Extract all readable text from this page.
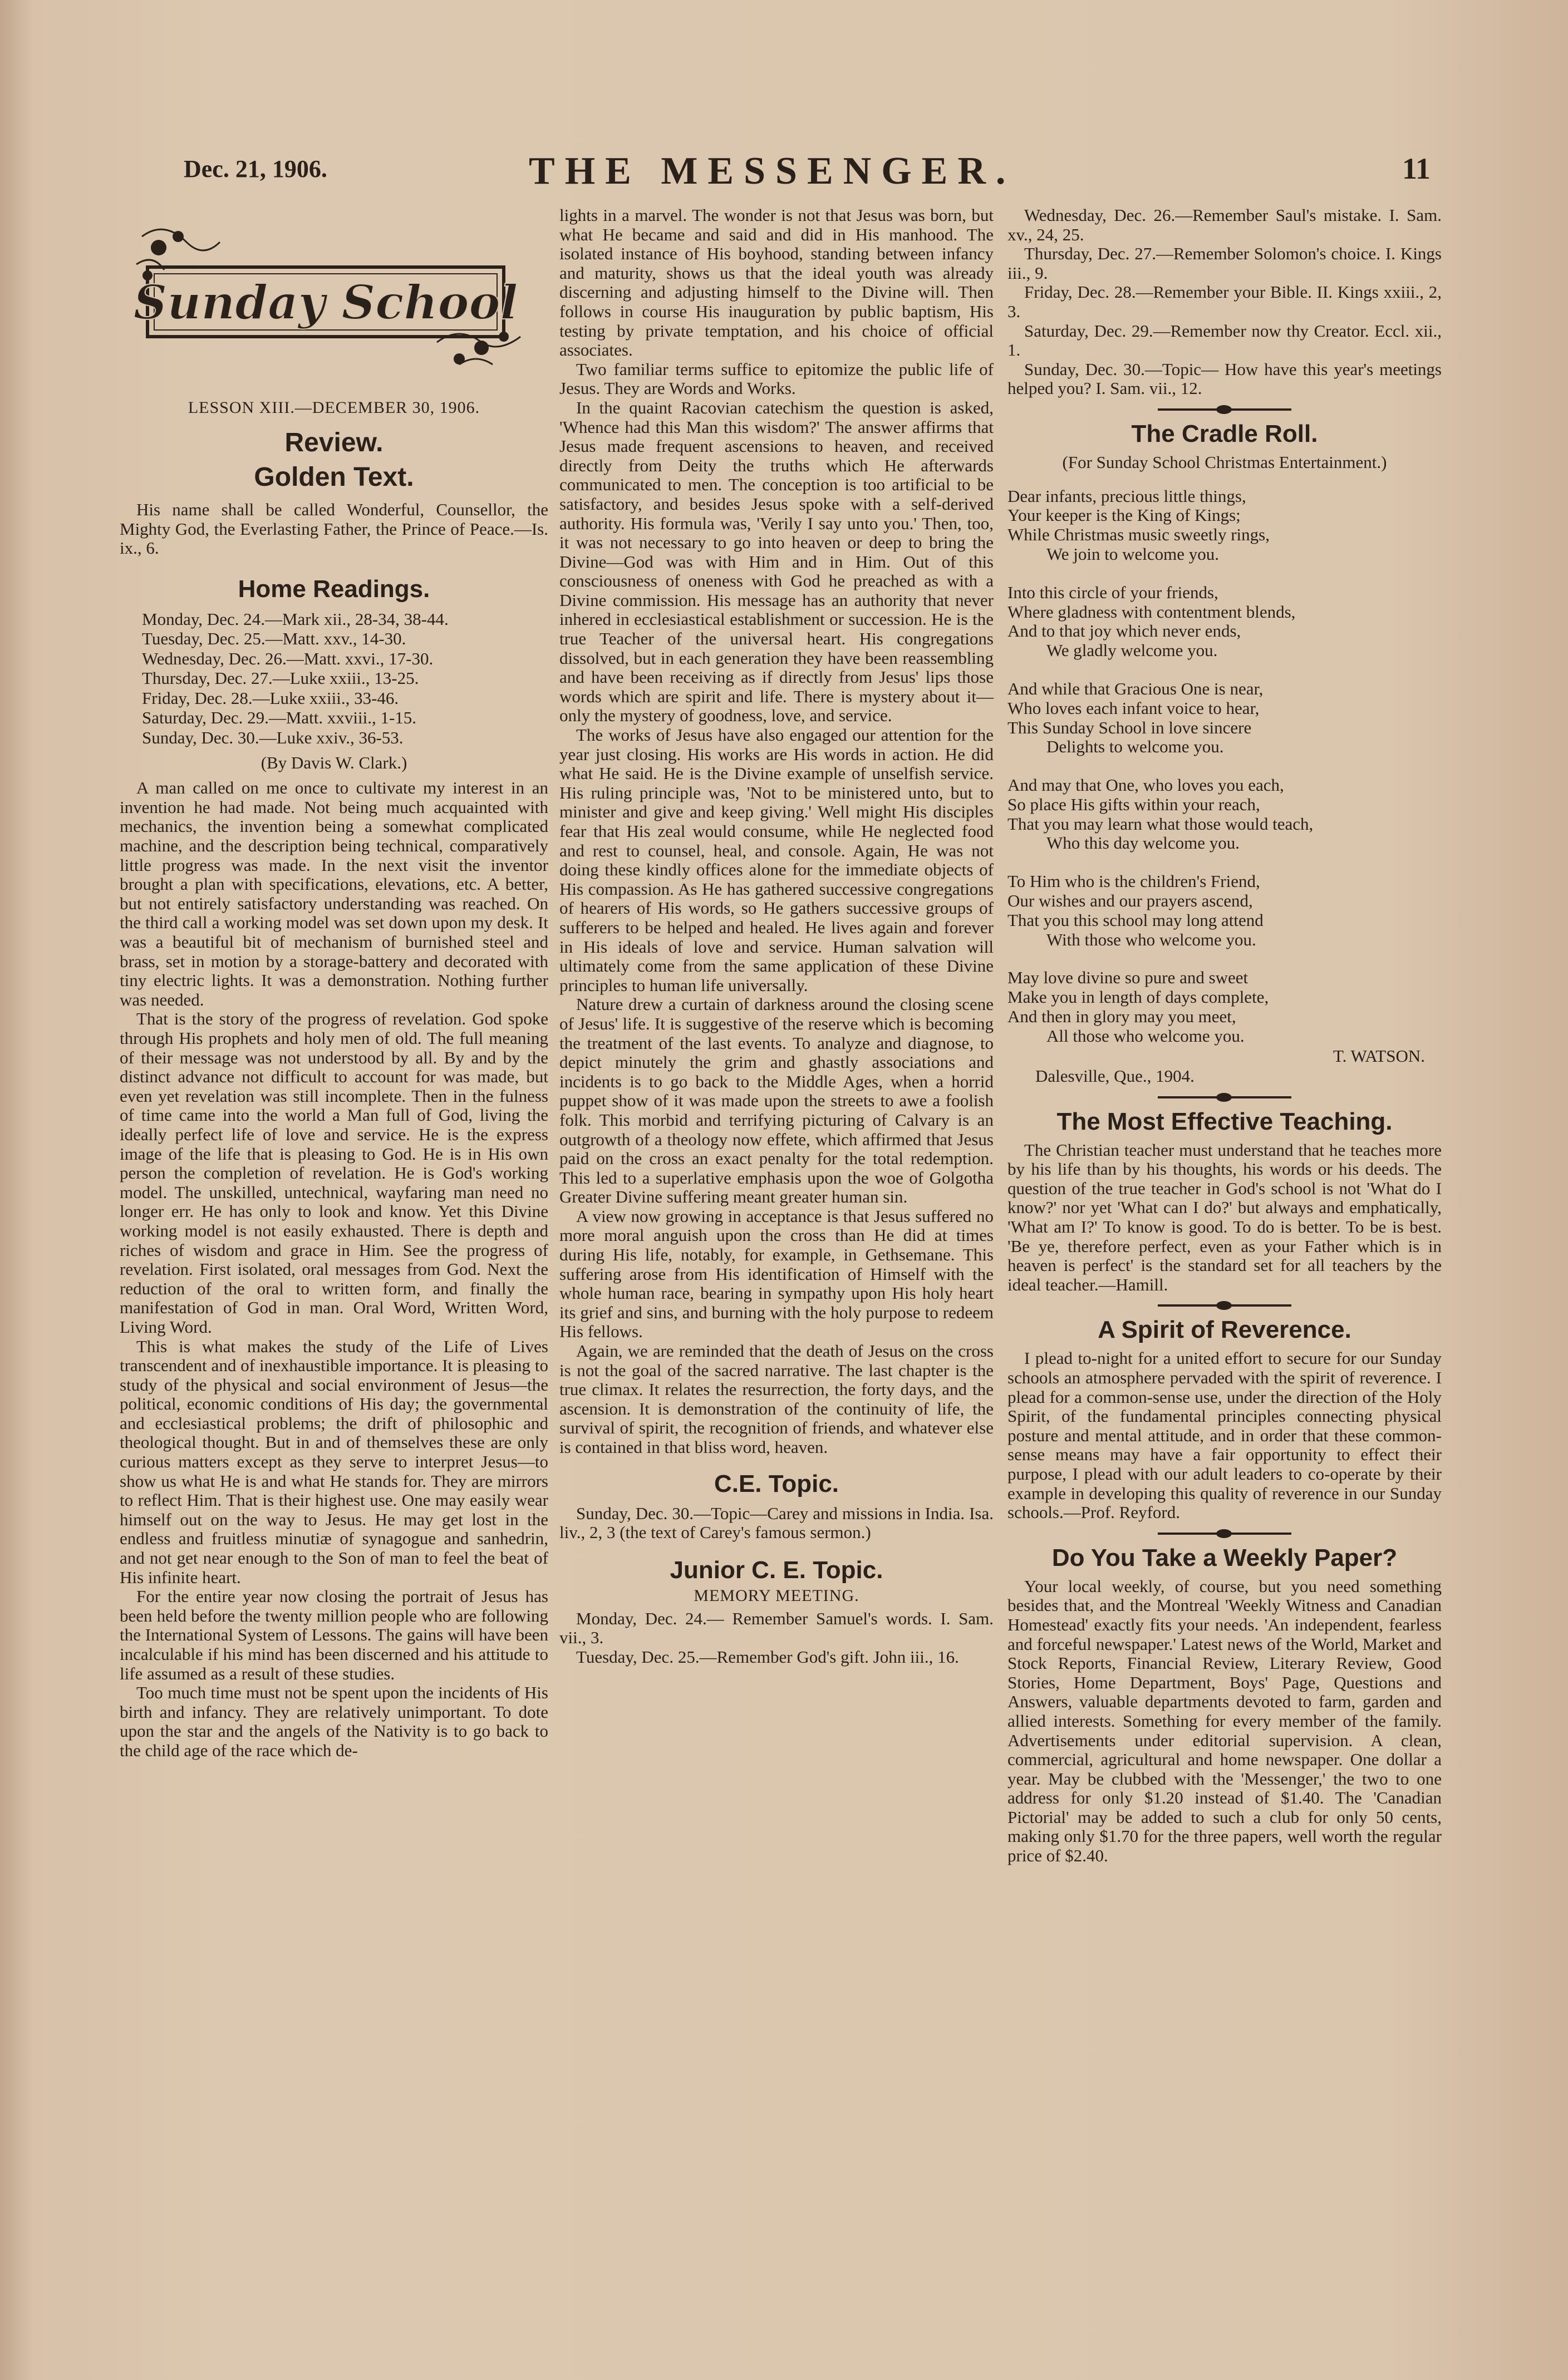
Dec. 21, 1906.	THE MESSENGER.	11
Sunday School
LESSON XIII.—DECEMBER 30, 1906.
Review.
Golden Text.

His name shall be called Wonderful, Counsellor, the Mighty God, the Everlasting Father, the Prince of Peace.—Is. ix., 6.

Home Readings.
Monday, Dec. 24.—Mark xii., 28-34, 38-44.
Tuesday, Dec. 25.—Matt. xxv., 14-30.
Wednesday, Dec. 26.—Matt. xxvi., 17-30.
Thursday, Dec. 27.—Luke xxiii., 13-25.
Friday, Dec. 28.—Luke xxiii., 33-46.
Saturday, Dec. 29.—Matt. xxviii., 1-15.
Sunday, Dec. 30.—Luke xxiv., 36-53.
(By Davis W. Clark.)

A man called on me once to cultivate my interest in an invention he had made. Not being much acquainted with mechanics, the invention being a somewhat complicated machine, and the description being technical, comparatively little progress was made. In the next visit the inventor brought a plan with specifications, elevations, etc. A better, but not entirely satisfactory understanding was reached. On the third call a working model was set down upon my desk. It was a beautiful bit of mechanism of burnished steel and brass, set in motion by a storage-battery and decorated with tiny electric lights. It was a demonstration. Nothing further was needed.

That is the story of the progress of revelation. God spoke through His prophets and holy men of old. The full meaning of their message was not understood by all. By and by the distinct advance not difficult to account for was made, but even yet revelation was still incomplete. Then in the fulness of time came into the world a Man full of God, living the ideally perfect life of love and service. He is the express image of the life that is pleasing to God. He is in His own person the completion of revelation. He is God's working model. The unskilled, untechnical, wayfaring man need no longer err. He has only to look and know. Yet this Divine working model is not easily exhausted. There is depth and riches of wisdom and grace in Him. See the progress of revelation. First isolated, oral messages from God. Next the reduction of the oral to written form, and finally the manifestation of God in man. Oral Word, Written Word, Living Word.

This is what makes the study of the Life of Lives transcendent and of inexhaustible importance. It is pleasing to study of the physical and social environment of Jesus—the political, economic conditions of His day; the governmental and ecclesiastical problems; the drift of philosophic and theological thought. But in and of themselves these are only curious matters except as they serve to interpret Jesus—to show us what He is and what He stands for. They are mirrors to reflect Him. That is their highest use. One may easily wear himself out on the way to Jesus. He may get lost in the endless and fruitless minutiæ of synagogue and sanhedrin, and not get near enough to the Son of man to feel the beat of His infinite heart.

For the entire year now closing the portrait of Jesus has been held before the twenty million people who are following the International System of Lessons. The gains will have been incalculable if his mind has been discerned and his attitude to life assumed as a result of these studies.

Too much time must not be spent upon the incidents of His birth and infancy. They are relatively unimportant. To dote upon the star and the angels of the Nativity is to go back to the child age of the race which de-

lights in a marvel. The wonder is not that Jesus was born, but what He became and said and did in His manhood. The isolated instance of His boyhood, standing between infancy and maturity, shows us that the ideal youth was already discerning and adjusting himself to the Divine will. Then follows in course His inauguration by public baptism, His testing by private temptation, and his choice of official associates.

Two familiar terms suffice to epitomize the public life of Jesus. They are Words and Works.

In the quaint Racovian catechism the question is asked, 'Whence had this Man this wisdom?' The answer affirms that Jesus made frequent ascensions to heaven, and received directly from Deity the truths which He afterwards communicated to men. The conception is too artificial to be satisfactory, and besides Jesus spoke with a self-derived authority. His formula was, 'Verily I say unto you.' Then, too, it was not necessary to go into heaven or deep to bring the Divine—God was with Him and in Him. Out of this consciousness of oneness with God he preached as with a Divine commission. His message has an authority that never inhered in ecclesiastical establishment or succession. He is the true Teacher of the universal heart. His congregations dissolved, but in each generation they have been reassembling and have been receiving as if directly from Jesus' lips those words which are spirit and life. There is mystery about it—only the mystery of goodness, love, and service.

The works of Jesus have also engaged our attention for the year just closing. His works are His words in action. He did what He said. He is the Divine example of unselfish service. His ruling principle was, 'Not to be ministered unto, but to minister and give and keep giving.' Well might His disciples fear that His zeal would consume, while He neglected food and rest to counsel, heal, and console. Again, He was not doing these kindly offices alone for the immediate objects of His compassion. As He has gathered successive congregations of hearers of His words, so He gathers successive groups of sufferers to be helped and healed. He lives again and forever in His ideals of love and service. Human salvation will ultimately come from the same application of these Divine principles to human life universally.

Nature drew a curtain of darkness around the closing scene of Jesus' life. It is suggestive of the reserve which is becoming the treatment of the last events. To analyze and diagnose, to depict minutely the grim and ghastly associations and incidents is to go back to the Middle Ages, when a horrid puppet show of it was made upon the streets to awe a foolish folk. This morbid and terrifying picturing of Calvary is an outgrowth of a theology now effete, which affirmed that Jesus paid on the cross an exact penalty for the total redemption. This led to a superlative emphasis upon the woe of Golgotha Greater Divine suffering meant greater human sin.

A view now growing in acceptance is that Jesus suffered no more moral anguish upon the cross than He did at times during His life, notably, for example, in Gethsemane. This suffering arose from His identification of Himself with the whole human race, bearing in sympathy upon His holy heart its grief and sins, and burning with the holy purpose to redeem His fellows.

Again, we are reminded that the death of Jesus on the cross is not the goal of the sacred narrative. The last chapter is the true climax. It relates the resurrection, the forty days, and the ascension. It is demonstration of the continuity of life, the survival of spirit, the recognition of friends, and whatever else is contained in that bliss word, heaven.

C.E. Topic.

Sunday, Dec. 30.—Topic—Carey and missions in India. Isa. liv., 2, 3 (the text of Carey's famous sermon.)

Junior C. E. Topic.
MEMORY MEETING.

Monday, Dec. 24.— Remember Samuel's words. I. Sam. vii., 3.

Tuesday, Dec. 25.—Remember God's gift. John iii., 16.

Wednesday, Dec. 26.—Remember Saul's mistake. I. Sam. xv., 24, 25.

Thursday, Dec. 27.—Remember Solomon's choice. I. Kings iii., 9.

Friday, Dec. 28.—Remember your Bible. II. Kings xxiii., 2, 3.

Saturday, Dec. 29.—Remember now thy Creator. Eccl. xii., 1.

Sunday, Dec. 30.—Topic— How have this year's meetings helped you? I. Sam. vii., 12.

The Cradle Roll.
(For Sunday School Christmas Entertainment.)
Dear infants, precious little things,
Your keeper is the King of Kings;
While Christmas music sweetly rings,
We join to welcome you.
Into this circle of your friends,
Where gladness with contentment blends,
And to that joy which never ends,
We gladly welcome you.
And while that Gracious One is near,
Who loves each infant voice to hear,
This Sunday School in love sincere
Delights to welcome you.
And may that One, who loves you each,
So place His gifts within your reach,
That you may learn what those would teach,
Who this day welcome you.
To Him who is the children's Friend,
Our wishes and our prayers ascend,
That you this school may long attend
With those who welcome you.
May love divine so pure and sweet
Make you in length of days complete,
And then in glory may you meet,
All those who welcome you.
T. WATSON.
Dalesville, Que., 1904.
The Most Effective Teaching.

The Christian teacher must understand that he teaches more by his life than by his thoughts, his words or his deeds. The question of the true teacher in God's school is not 'What do I know?' nor yet 'What can I do?' but always and emphatically, 'What am I?' To know is good. To do is better. To be is best. 'Be ye, therefore perfect, even as your Father which is in heaven is perfect' is the standard set for all teachers by the ideal teacher.—Hamill.

A Spirit of Reverence.

I plead to-night for a united effort to secure for our Sunday schools an atmosphere pervaded with the spirit of reverence. I plead for a common-sense use, under the direction of the Holy Spirit, of the fundamental principles connecting physical posture and mental attitude, and in order that these common-sense means may have a fair opportunity to effect their purpose, I plead with our adult leaders to co-operate by their example in developing this quality of reverence in our Sunday schools.—Prof. Reyford.

Do You Take a Weekly Paper?

Your local weekly, of course, but you need something besides that, and the Montreal 'Weekly Witness and Canadian Homestead' exactly fits your needs. 'An independent, fearless and forceful newspaper.' Latest news of the World, Market and Stock Reports, Financial Review, Literary Review, Good Stories, Home Department, Boys' Page, Questions and Answers, valuable departments devoted to farm, garden and allied interests. Something for every member of the family. Advertisements under editorial supervision. A clean, commercial, agricultural and home newspaper. One dollar a year. May be clubbed with the 'Messenger,' the two to one address for only $1.20 instead of $1.40. The 'Canadian Pictorial' may be added to such a club for only 50 cents, making only $1.70 for the three papers, well worth the regular price of $2.40.
